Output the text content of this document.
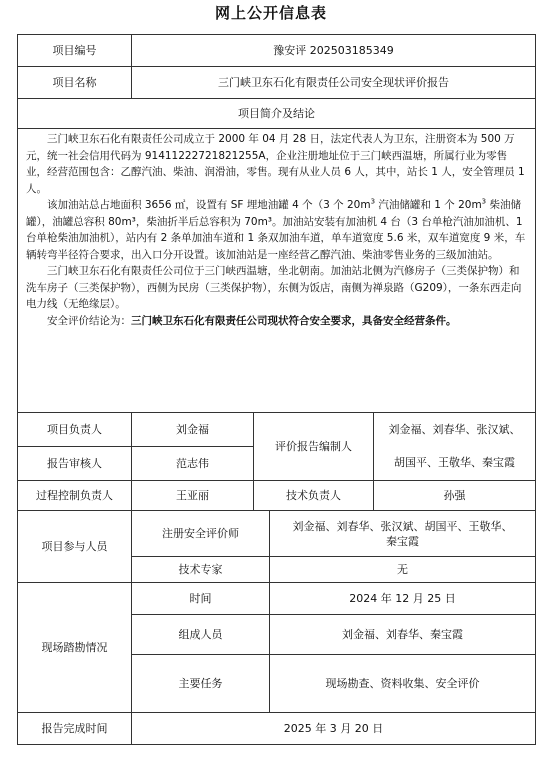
网上公开信息表
项目编号	豫安评 202503185349			
项目名称	三门峡卫东石化有限责任公司安全现状评价报告			
项目简介及结论				

三门峡卫东石化有限责任公司成立于 2000 年 04 月 28 日，法定代表人为卫东，注册资本为 500 万元，统一社会信用代码为 91411222721821255A，企业注册地址位于三门峡西温塘，所属行业为零售业，经营范围包含：乙醇汽油、柴油、润滑油，零售。现有从业人员 6 人，其中，站长 1 人，安全管理员 1 人。

该加油站总占地面积 3656 ㎡，设置有 SF 埋地油罐 4 个（3 个 $20m^3$ 汽油储罐和 1 个 $20m^3$ 柴油储罐），油罐总容积 80m³，柴油折半后总容积为 70m³。加油站安装有加油机 4 台（3 台单枪汽油加油机、1 台单枪柴油加油机），站内有 2 条单加油车道和 1 条双加油车道，单车道宽度 5.6 米，双车道宽度 9 米，车辆转弯半径符合要求，出入口分开设置。该加油站是一座经营乙醇汽油、柴油零售业务的三级加油站。

三门峡卫东石化有限责任公司位于三门峡西温塘，坐北朝南。加油站北侧为汽修房子（三类保护物）和洗车房子（三类保护物），西侧为民房（三类保护物），东侧为饭店，南侧为禅泉路（G209），一条东西走向电力线（无绝缘层）。

安全评价结论为：三门峡卫东石化有限责任公司现状符合安全要求，具备安全经营条件。				

项目负责人	刘金福	评价报告编制人		刘金福、刘春华、张汉斌、
报告审核人	范志伟			胡国平、王敬华、秦宝霞
过程控制负责人	王亚丽	技术负责人		孙强
项目参与人员	注册安全评价师		刘金福、刘春华、张汉斌、胡国平、王敬华、
秦宝霞	

	技术专家		无	
现场踏勘情况	时间		2024 年 12 月 25 日	
	组成人员		刘金福、刘春华、秦宝霞	
	主要任务		现场勘查、资料收集、安全评价	
报告完成时间	2025 年 3 月 20 日			
